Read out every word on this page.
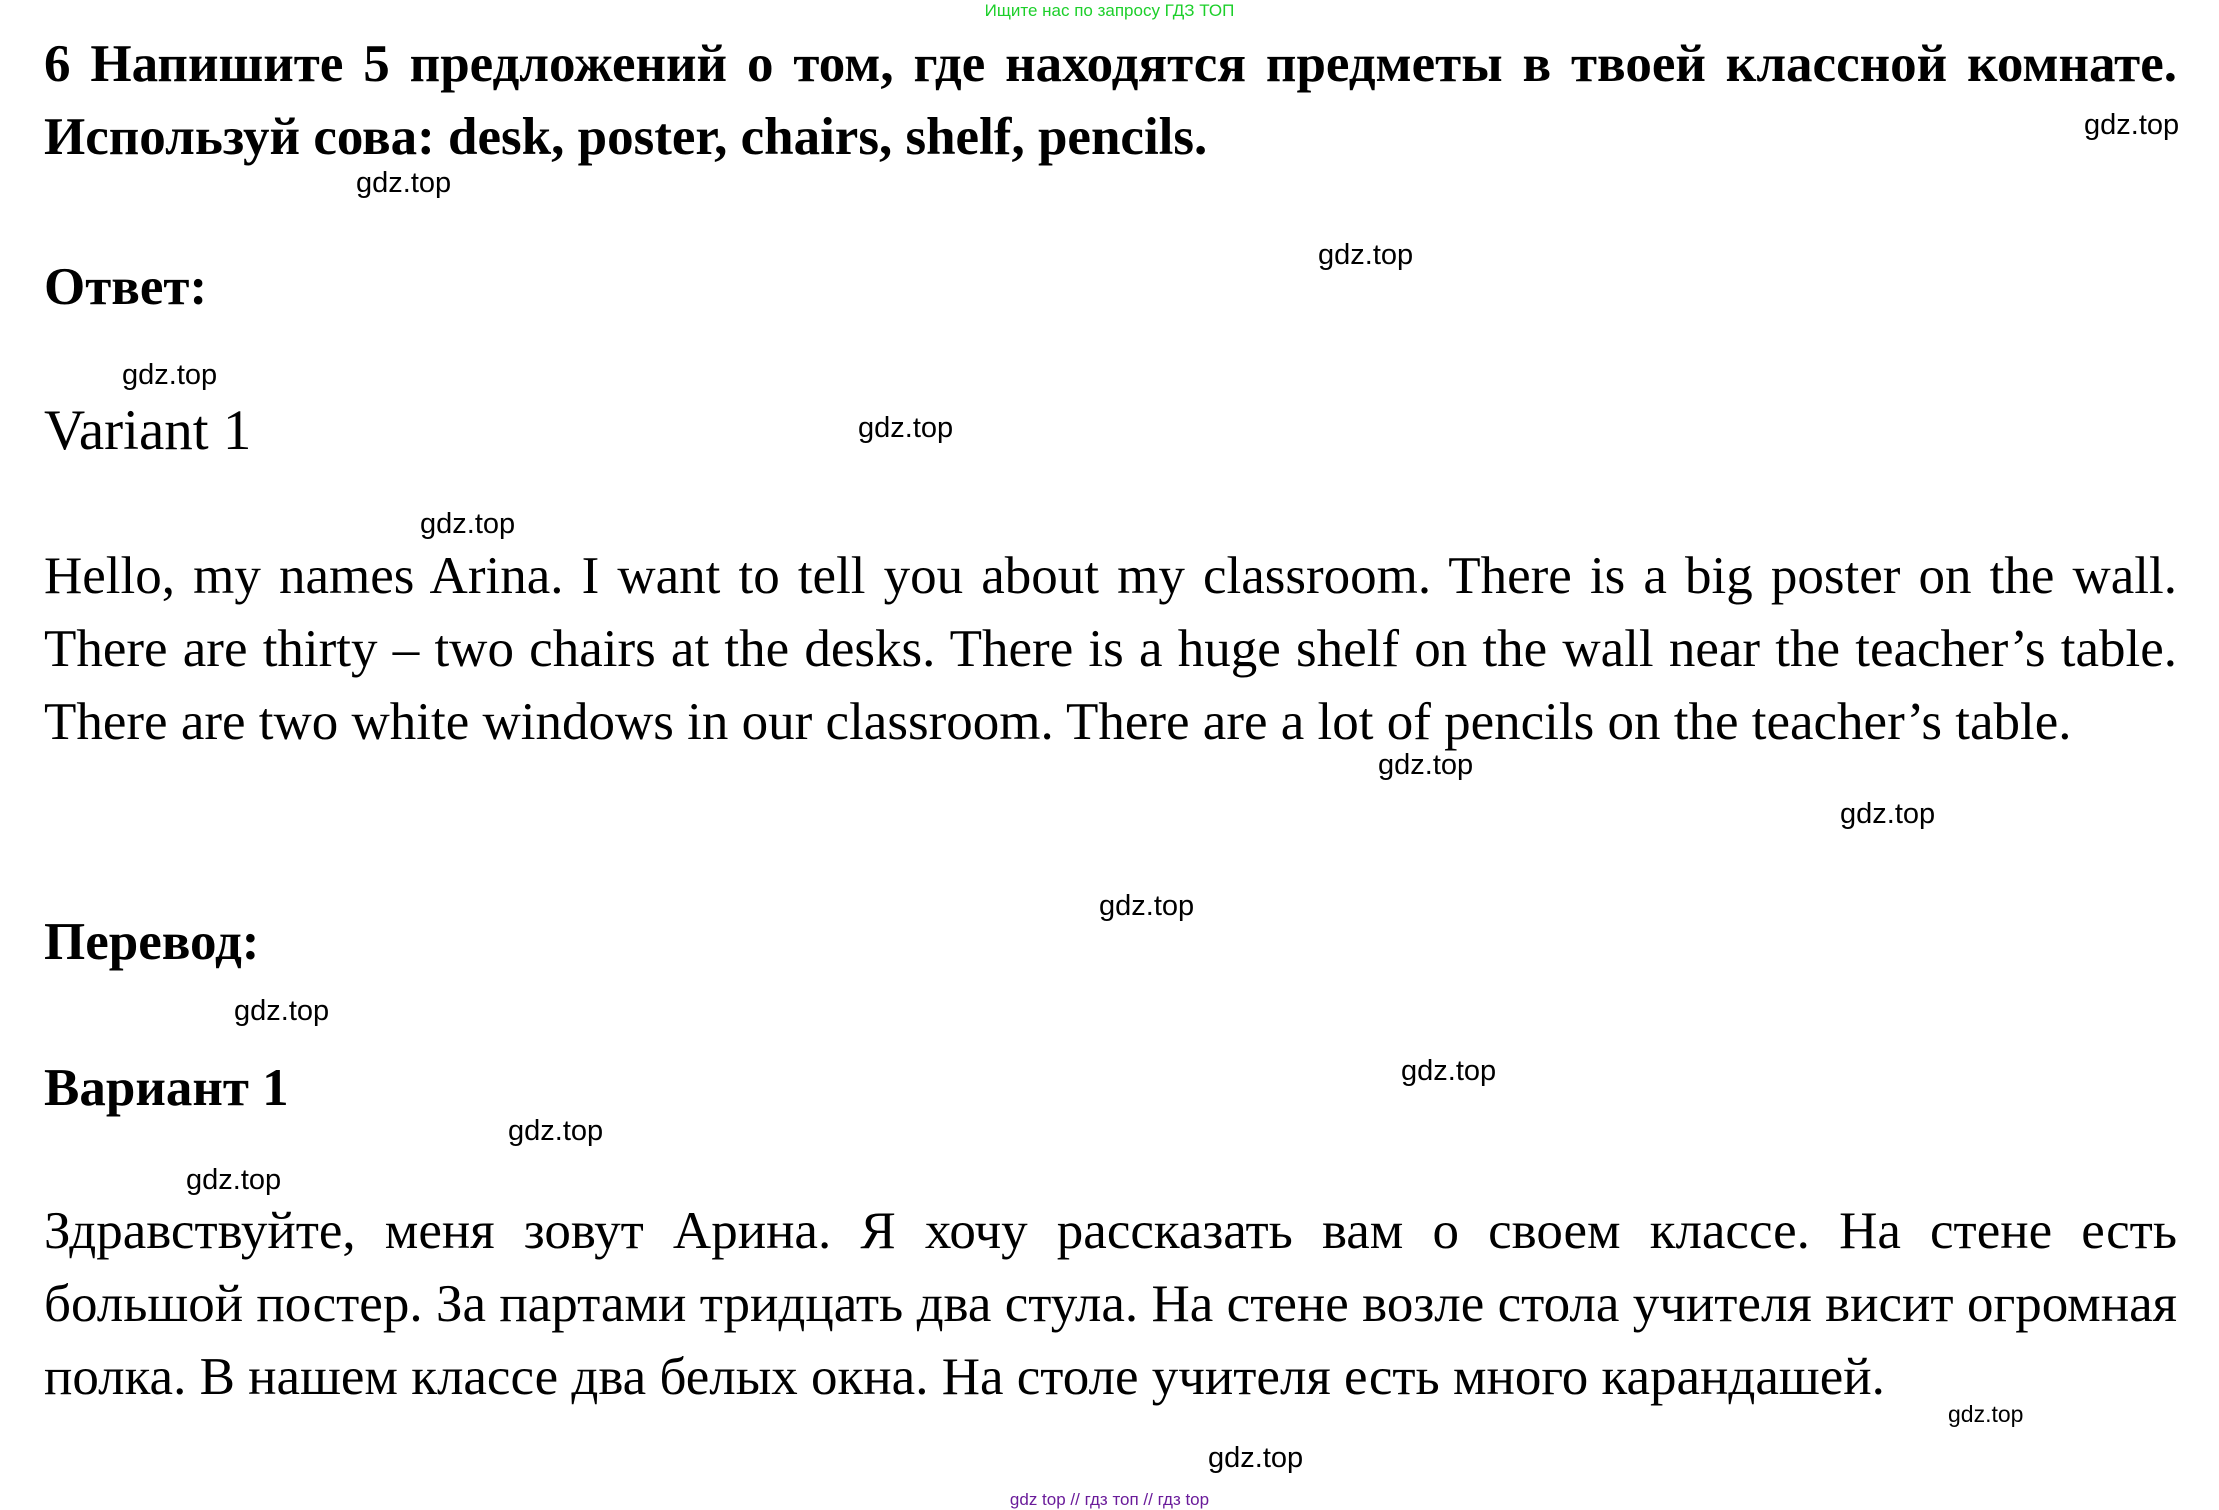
Ищите нас по запросу ГДЗ ТОП
6 Напишите 5 предложений о том, где находятся предметы в твоей классной комнате. Используй сова: desk, poster, chairs, shelf, pencils.
Ответ:
Variant 1
Hello, my names Arina. I want to tell you about my classroom. There is a big poster on the wall. There are thirty – two chairs at the desks. There is a huge shelf on the wall near the teacher’s table. There are two white windows in our classroom. There are a lot of pencils on the teacher’s table.
Перевод:
Вариант 1
Здравствуйте, меня зовут Арина. Я хочу рассказать вам о своем классе. На стене есть большой постер. За партами тридцать два стула. На стене возле стола учителя висит огромная полка. В нашем классе два белых окна. На столе учителя есть много карандашей.
gdz.top
gdz.top
gdz.top
gdz.top
gdz.top
gdz.top
gdz.top
gdz.top
gdz.top
gdz.top
gdz.top
gdz.top
gdz.top
gdz.top
gdz.top
gdz top // гдз топ // гдз top
